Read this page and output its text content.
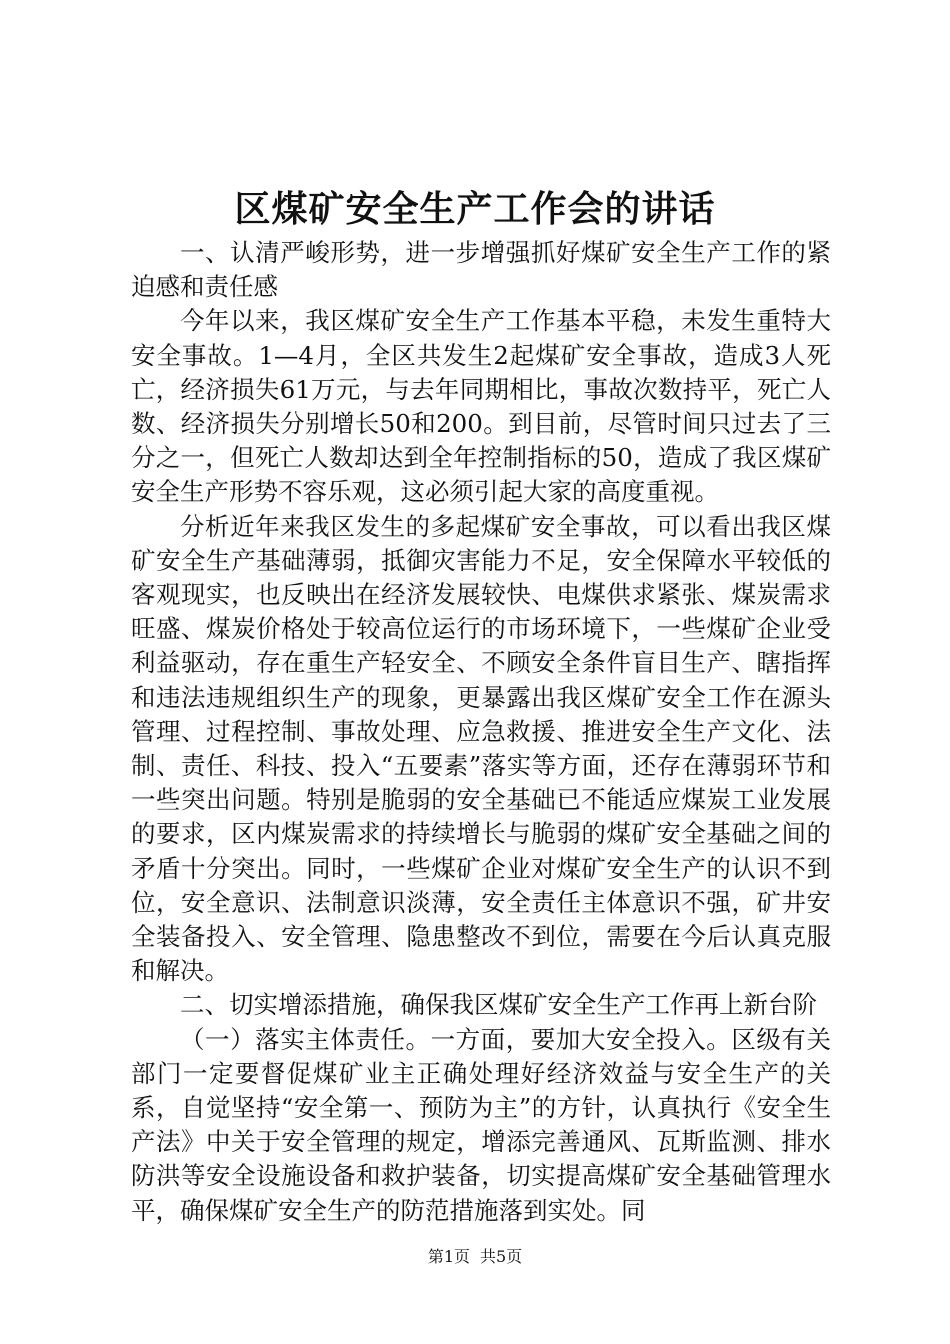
区煤矿安全生产工作会的讲话

一、认清严峻形势，进一步增强抓好煤矿安全生产工作的紧迫感和责任感

今年以来，我区煤矿安全生产工作基本平稳，未发生重特大安全事故。1—4月，全区共发生2起煤矿安全事故，造成3人死亡，经济损失61万元，与去年同期相比，事故次数持平，死亡人数、经济损失分别增长50和200。到目前，尽管时间只过去了三分之一，但死亡人数却达到全年控制指标的50，造成了我区煤矿安全生产形势不容乐观，这必须引起大家的高度重视。

分析近年来我区发生的多起煤矿安全事故，可以看出我区煤矿安全生产基础薄弱，抵御灾害能力不足，安全保障水平较低的客观现实，也反映出在经济发展较快、电煤供求紧张、煤炭需求旺盛、煤炭价格处于较高位运行的市场环境下，一些煤矿企业受利益驱动，存在重生产轻安全、不顾安全条件盲目生产、瞎指挥和违法违规组织生产的现象，更暴露出我区煤矿安全工作在源头管理、过程控制、事故处理、应急救援、推进安全生产文化、法制、责任、科技、投入“五要素”落实等方面，还存在薄弱环节和一些突出问题。特别是脆弱的安全基础已不能适应煤炭工业发展的要求，区内煤炭需求的持续增长与脆弱的煤矿安全基础之间的矛盾十分突出。同时，一些煤矿企业对煤矿安全生产的认识不到位，安全意识、法制意识淡薄，安全责任主体意识不强，矿井安全装备投入、安全管理、隐患整改不到位，需要在今后认真克服和解决。

二、切实增添措施，确保我区煤矿安全生产工作再上新台阶

（一）落实主体责任。一方面，要加大安全投入。区级有关部门一定要督促煤矿业主正确处理好经济效益与安全生产的关系，自觉坚持“安全第一、预防为主”的方针，认真执行《安全生产法》中关于安全管理的规定，增添完善通风、瓦斯监测、排水防洪等安全设施设备和救护装备，切实提高煤矿安全基础管理水平，确保煤矿安全生产的防范措施落到实处。同

第1页 共5页
